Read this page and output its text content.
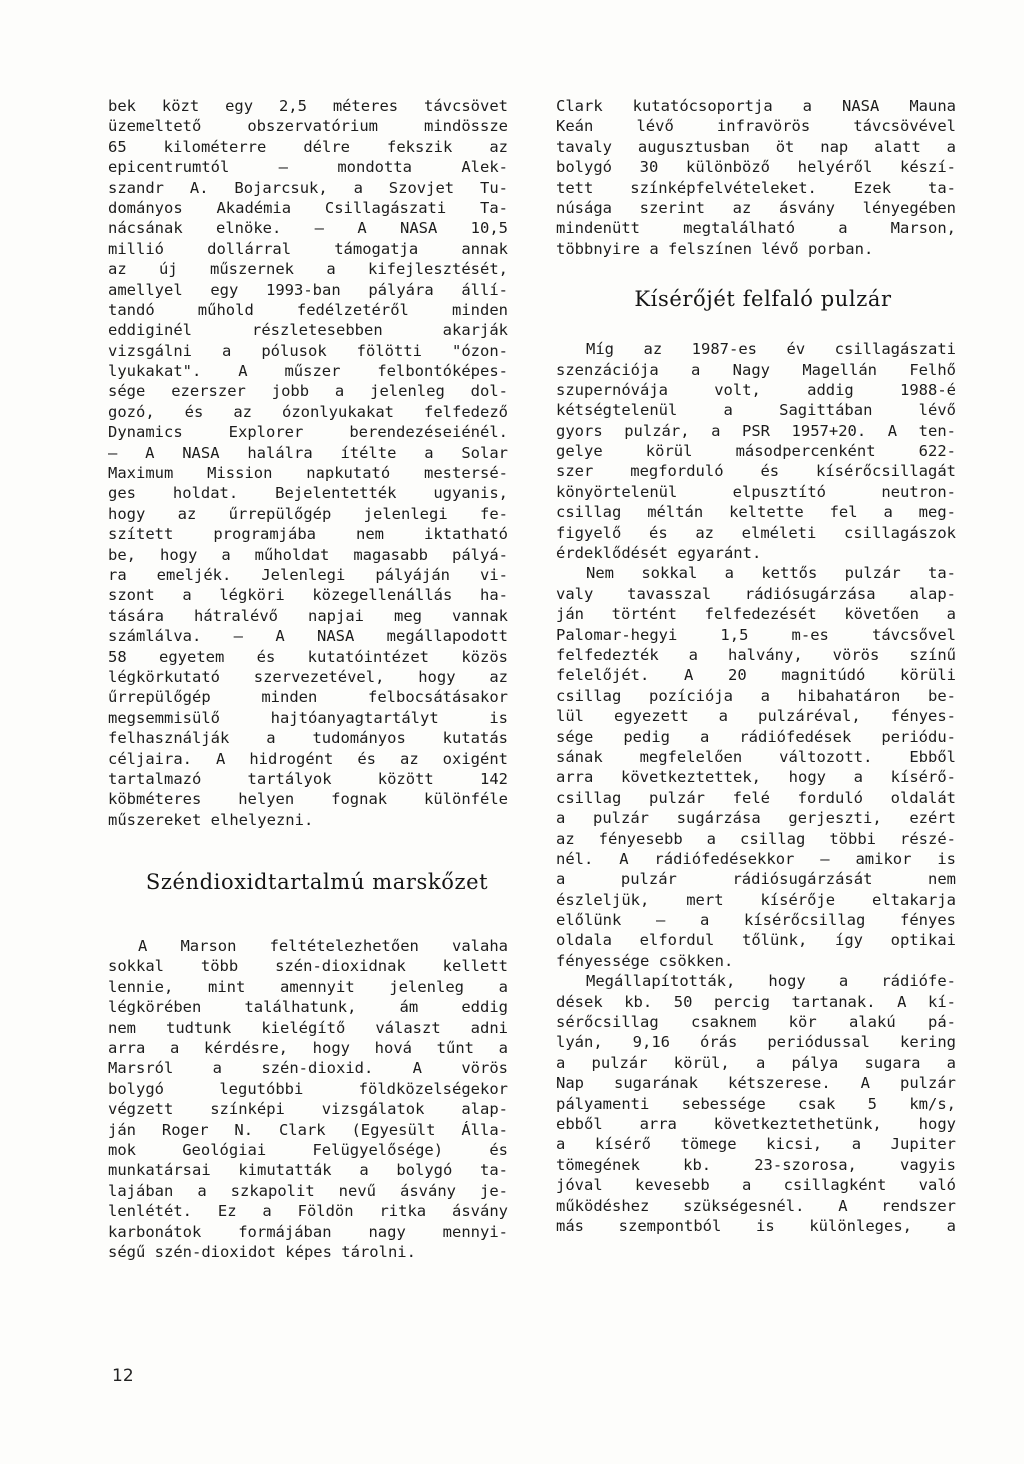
bek közt egy 2,5 méteres távcsövet
üzemeltető obszervatórium mindössze
65 kilométerre délre fekszik az
epicentrumtól — mondotta Alek-
szandr A. Bojarcsuk, a Szovjet Tu-
dományos Akadémia Csillagászati Ta-
nácsának elnöke. — A NASA 10,5
millió dollárral támogatja annak
az új műszernek a kifejlesztését,
amellyel egy 1993-ban pályára állí-
tandó műhold fedélzetéről minden
eddiginél részletesebben akarják
vizsgálni a pólusok fölötti "ózon-
lyukakat". A műszer felbontóképes-
sége ezerszer jobb a jelenleg dol-
gozó, és az ózonlyukakat felfedező
Dynamics Explorer berendezéseiénél.
— A NASA halálra ítélte a Solar
Maximum Mission napkutató mestersé-
ges holdat. Bejelentették ugyanis,
hogy az űrrepülőgép jelenlegi fe-
szített programjába nem iktatható
be, hogy a műholdat magasabb pályá-
ra emeljék. Jelenlegi pályáján vi-
szont a légköri közegellenállás ha-
tására hátralévő napjai meg vannak
számlálva. — A NASA megállapodott
58 egyetem és kutatóintézet közös
légkörkutató szervezetével, hogy az
űrrepülőgép minden felbocsátásakor
megsemmisülő hajtóanyagtartályt is
felhasználják a tudományos kutatás
céljaira. A hidrogént és az oxigént
tartalmazó tartályok között 142
köbméteres helyen fognak különféle
műszereket elhelyezni.
Széndioxidtartalmú marskőzet
A Marson feltételezhetően valaha
sokkal több szén-dioxidnak kellett
lennie, mint amennyit jelenleg a
légkörében találhatunk, ám eddig
nem tudtunk kielégítő választ adni
arra a kérdésre, hogy hová tűnt a
Marsról a szén-dioxid. A vörös
bolygó legutóbbi földközelségekor
végzett színképi vizsgálatok alap-
ján Roger N. Clark (Egyesült Álla-
mok Geológiai Felügyelősége) és
munkatársai kimutatták a bolygó ta-
lajában a szkapolit nevű ásvány je-
lenlétét. Ez a Földön ritka ásvány
karbonátok formájában nagy mennyi-
ségű szén-dioxidot képes tárolni.
Clark kutatócsoportja a NASA Mauna
Keán lévő infravörös távcsövével
tavaly augusztusban öt nap alatt a
bolygó 30 különböző helyéről készí-
tett színképfelvételeket. Ezek ta-
núsága szerint az ásvány lényegében
mindenütt megtalálható a Marson,
többnyire a felszínen lévő porban.
Kísérőjét felfaló pulzár
Míg az 1987-es év csillagászati
szenzációja a Nagy Magellán Felhő
szupernóvája volt, addig 1988-é
kétségtelenül a Sagittában lévő
gyors pulzár, a PSR 1957+20. A ten-
gelye körül másodpercenként 622-
szer megforduló és kísérőcsillagát
könyörtelenül elpusztító neutron-
csillag méltán keltette fel a meg-
figyelő és az elméleti csillagászok
érdeklődését egyaránt.
Nem sokkal a kettős pulzár ta-
valy tavasszal rádiósugárzása alap-
ján történt felfedezését követően a
Palomar-hegyi 1,5 m-es távcsővel
felfedezték a halvány, vörös színű
felelőjét. A 20 magnitúdó körüli
csillag pozíciója a hibahatáron be-
lül egyezett a pulzáréval, fényes-
sége pedig a rádiófedések periódu-
sának megfelelően változott. Ebből
arra következtettek, hogy a kísérő-
csillag pulzár felé forduló oldalát
a pulzár sugárzása gerjeszti, ezért
az fényesebb a csillag többi részé-
nél. A rádiófedésekkor — amikor is
a pulzár rádiósugárzását nem
észleljük, mert kísérője eltakarja
előlünk — a kísérőcsillag fényes
oldala elfordul tőlünk, így optikai
fényessége csökken.
Megállapították, hogy a rádiófe-
dések kb. 50 percig tartanak. A kí-
sérőcsillag csaknem kör alakú pá-
lyán, 9,16 órás periódussal kering
a pulzár körül, a pálya sugara a
Nap sugarának kétszerese. A pulzár
pályamenti sebessége csak 5 km/s,
ebből arra következtethetünk, hogy
a kísérő tömege kicsi, a Jupiter
tömegének kb. 23-szorosa, vagyis
jóval kevesebb a csillagként való
működéshez szükségesnél. A rendszer
más szempontból is különleges, a
12
